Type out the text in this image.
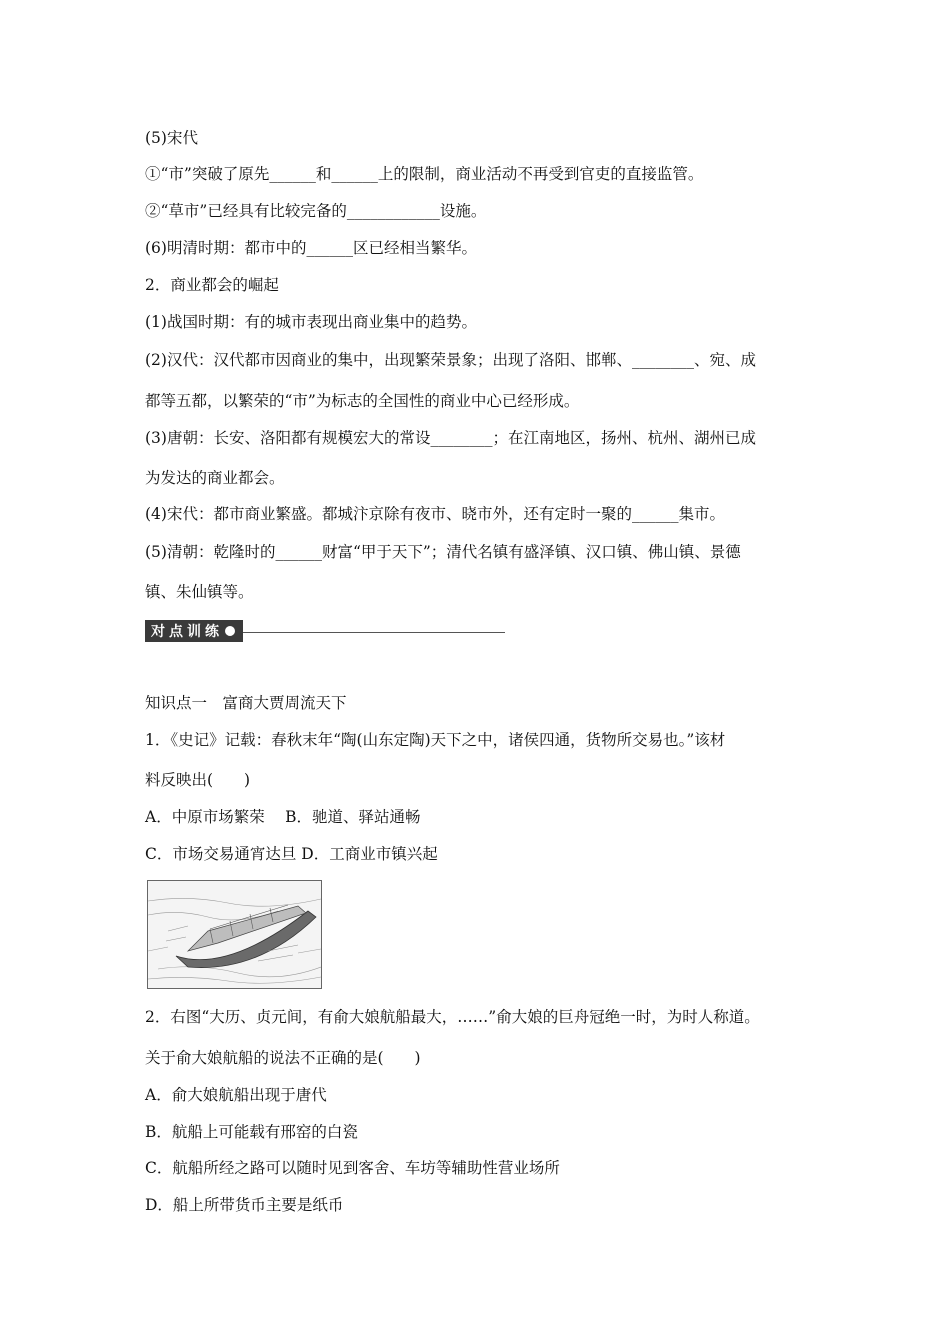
(5)宋代

①“市”突破了原先______和______上的限制，商业活动不再受到官吏的直接监管。

②“草市”已经具有比较完备的____________设施。

(6)明清时期：都市中的______区已经相当繁华。

2．商业都会的崛起

(1)战国时期：有的城市表现出商业集中的趋势。

(2)汉代：汉代都市因商业的集中，出现繁荣景象；出现了洛阳、邯郸、________、宛、成

都等五都，以繁荣的“市”为标志的全国性的商业中心已经形成。

(3)唐朝：长安、洛阳都有规模宏大的常设________；在江南地区，扬州、杭州、湖州已成

为发达的商业都会。

(4)宋代：都市商业繁盛。都城汴京除有夜市、晓市外，还有定时一聚的______集市。

(5)清朝：乾隆时的______财富“甲于天下”；清代名镇有盛泽镇、汉口镇、佛山镇、景德

镇、朱仙镇等。

对点训练

知识点一　富商大贾周流天下

1．《史记》记载：春秋末年“陶(山东定陶)天下之中，诸侯四通，货物所交易也。”该材

料反映出(　　)

A．中原市场繁荣　 B．驰道、驿站通畅

C．市场交易通宵达旦 D．工商业市镇兴起

2．右图“大历、贞元间，有俞大娘航船最大，……”俞大娘的巨舟冠绝一时，为时人称道。

关于俞大娘航船的说法不正确的是(　　)

A．俞大娘航船出现于唐代

B．航船上可能载有邢窑的白瓷

C．航船所经之路可以随时见到客舍、车坊等辅助性营业场所

D．船上所带货币主要是纸币
